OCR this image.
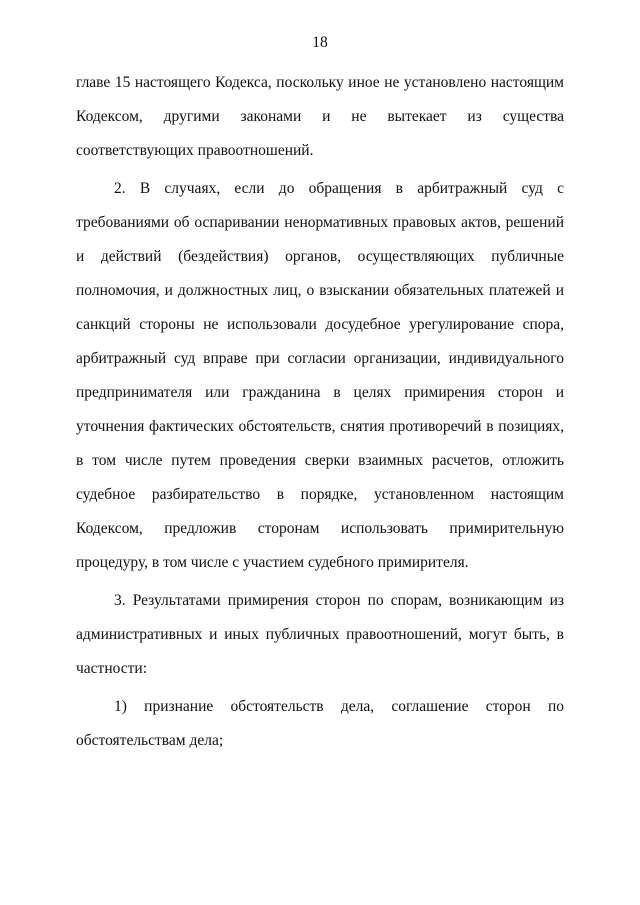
18

главе 15 настоящего Кодекса, поскольку иное не установлено настоящим Кодексом, другими законами и не вытекает из существа соответствующих правоотношений.

2. В случаях, если до обращения в арбитражный суд с требованиями об оспаривании ненормативных правовых актов, решений и действий (бездействия) органов, осуществляющих публичные полномочия, и должностных лиц, о взыскании обязательных платежей и санкций стороны не использовали досудебное урегулирование спора, арбитражный суд вправе при согласии организации, индивидуального предпринимателя или гражданина в целях примирения сторон и уточнения фактических обстоятельств, снятия противоречий в позициях, в том числе путем проведения сверки взаимных расчетов, отложить судебное разбирательство в порядке, установленном настоящим Кодексом, предложив сторонам использовать примирительную процедуру, в том числе с участием судебного примирителя.

3. Результатами примирения сторон по спорам, возникающим из административных и иных публичных правоотношений, могут быть, в частности:

1) признание обстоятельств дела, соглашение сторон по обстоятельствам дела;
